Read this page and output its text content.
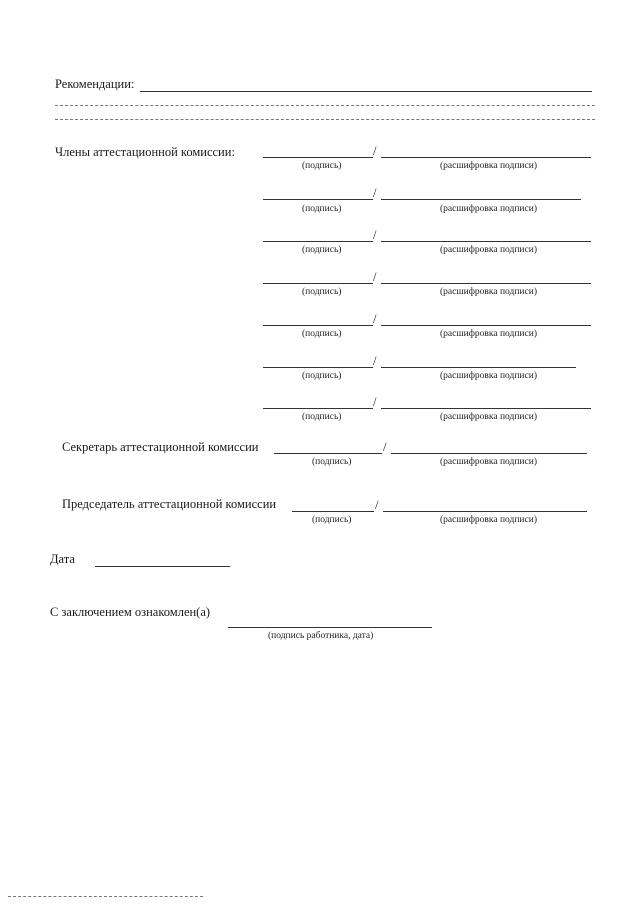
Рекомендации:
Члены аттестационной комиссии:	/
(подпись)	(расшифровка подписи)
/
(подпись)	(расшифровка подписи)
/
(подпись)	(расшифровка подписи)
/
(подпись)	(расшифровка подписи)
/
(подпись)	(расшифровка подписи)
/
(подпись)	(расшифровка подписи)
/
(подпись)	(расшифровка подписи)
Секретарь аттестационной комиссии	/
(подпись)	(расшифровка подписи)
Председатель аттестационной комиссии	/
(подпись)	(расшифровка подписи)
Дата
С заключением ознакомлен(а)
(подпись работника, дата)
